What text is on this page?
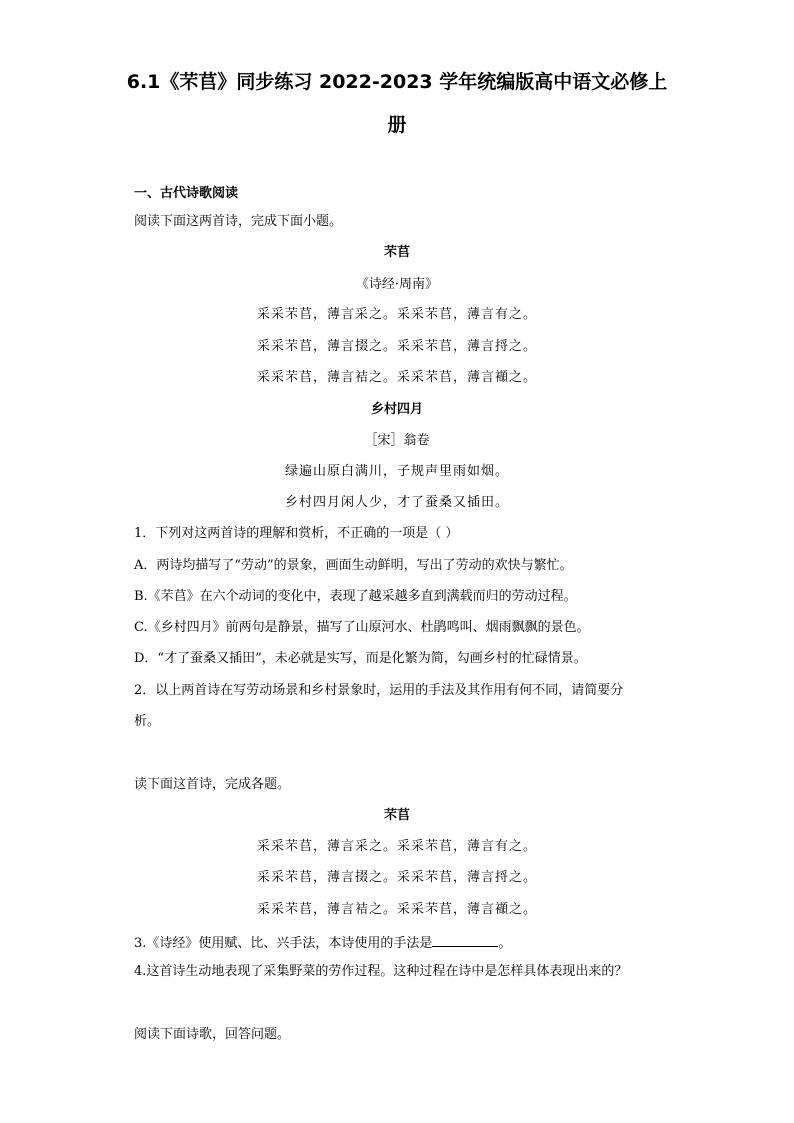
6.1《芣苢》同步练习 2022-2023 学年统编版高中语文必修上
册

一、古代诗歌阅读

阅读下面这两首诗，完成下面小题。

芣苢

《诗经·周南》

采采芣苢，薄言采之。采采芣苢，薄言有之。

采采芣苢，薄言掇之。采采芣苢，薄言捋之。

采采芣苢，薄言袺之。采采芣苢，薄言襭之。

乡村四月

［宋］翁卷

绿遍山原白满川，子规声里雨如烟。

乡村四月闲人少，才了蚕桑又插田。

1．下列对这两首诗的理解和赏析，不正确的一项是（ ）

A．两诗均描写了“劳动”的景象，画面生动鲜明，写出了劳动的欢快与繁忙。

B.《芣苢》在六个动词的变化中，表现了越采越多直到满载而归的劳动过程。

C.《乡村四月》前两句是静景，描写了山原河水、杜鹃鸣叫、烟雨飘飘的景色。

D．“才了蚕桑又插田”，未必就是实写，而是化繁为简，勾画乡村的忙碌情景。

2．以上两首诗在写劳动场景和乡村景象时，运用的手法及其作用有何不同，请简要分

析。

读下面这首诗，完成各题。

芣苢

采采芣苢，薄言采之。采采芣苢，薄言有之。

采采芣苢，薄言掇之。采采芣苢，薄言捋之。

采采芣苢，薄言袺之。采采芣苢，薄言襭之。

3.《诗经》使用赋、比、兴手法，本诗使用的手法是	。

4.这首诗生动地表现了采集野菜的劳作过程。这种过程在诗中是怎样具体表现出来的？

阅读下面诗歌，回答问题。
